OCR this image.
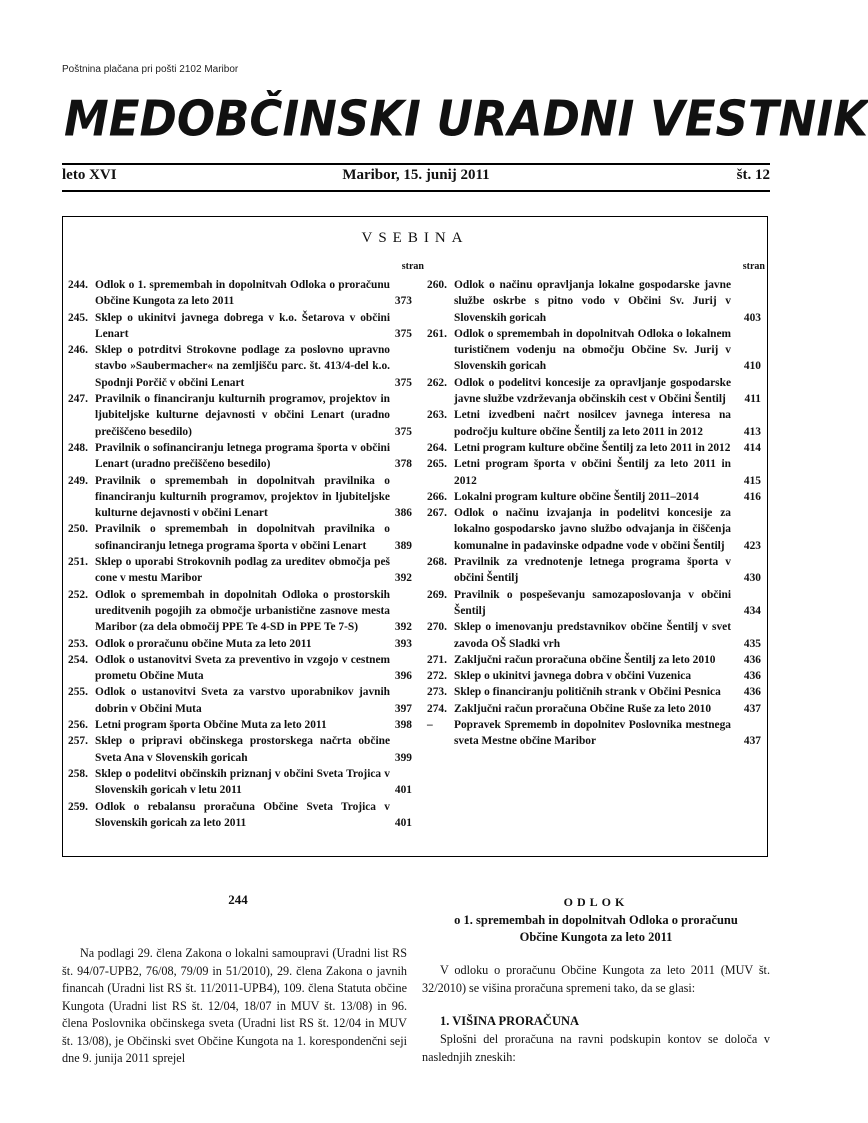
Poštnina plačana pri pošti 2102 Maribor
MEDOBČINSKI URADNI VESTNIK
leto XVI	Maribor, 15. junij 2011	št. 12
VSEBINA
stran
244. Odlok o 1. spremembah in dopolnitvah Odloka o proračunu Občine Kungota za leto 2011	373
245. Sklep o ukinitvi javnega dobrega v k.o. Šetarova v občini Lenart	375
246. Sklep o potrditvi Strokovne podlage za poslovno upravno stavbo »Saubermacher« na zemljišču parc. št. 413/4-del k.o. Spodnji Porčič v občini Lenart	375
247. Pravilnik o financiranju kulturnih programov, projektov in ljubiteljske kulturne dejavnosti v občini Lenart (uradno prečiščeno besedilo)	375
248. Pravilnik o sofinanciranju letnega programa športa v občini Lenart (uradno prečiščeno besedilo)	378
249. Pravilnik o spremembah in dopolnitvah pravilnika o financiranju kulturnih programov, projektov in ljubiteljske kulturne dejavnosti v občini Lenart	386
250. Pravilnik o spremembah in dopolnitvah pravilnika o sofinanciranju letnega programa športa v občini Lenart	389
251. Sklep o uporabi Strokovnih podlag za ureditev območja peš cone v mestu Maribor	392
252. Odlok o spremembah in dopolnitah Odloka o prostorskih ureditvenih pogojih za območje urbanistične zasnove mesta Maribor (za dela območij PPE Te 4-SD in PPE Te 7-S)	392
253. Odlok o proračunu občine Muta za leto 2011	393
254. Odlok o ustanovitvi Sveta za preventivo in vzgojo v cestnem prometu Občine Muta	396
255. Odlok o ustanovitvi Sveta za varstvo uporabnikov javnih dobrin v Občini Muta	397
256. Letni program športa Občine Muta za leto 2011	398
257. Sklep o pripravi občinskega prostorskega načrta občine Sveta Ana v Slovenskih goricah	399
258. Sklep o podelitvi občinskih priznanj v občini Sveta Trojica v Slovenskih goricah v letu 2011	401
259. Odlok o rebalansu proračuna Občine Sveta Trojica v Slovenskih goricah za leto 2011	401
stran
260. Odlok o načinu opravljanja lokalne gospodarske javne službe oskrbe s pitno vodo v Občini Sv. Jurij v Slovenskih goricah	403
261. Odlok o spremembah in dopolnitvah Odloka o lokalnem turističnem vodenju na območju Občine Sv. Jurij v Slovenskih goricah	410
262. Odlok o podelitvi koncesije za opravljanje gospodarske javne službe vzdrževanja občinskih cest v Občini Šentilj	411
263. Letni izvedbeni načrt nosilcev javnega interesa na področju kulture občine Šentilj za leto 2011 in 2012	413
264. Letni program kulture občine Šentilj za leto 2011 in 2012 414
265. Letni program športa v občini Šentilj za leto 2011 in 2012	415
266. Lokalni program kulture občine Šentilj 2011–2014	416
267. Odlok o načinu izvajanja in podelitvi koncesije za lokalno gospodarsko javno službo odvajanja in čiščenja komunalne in padavinske odpadne vode v občini Šentilj	423
268. Pravilnik za vrednotenje letnega programa športa v občini Šentilj	430
269. Pravilnik o pospeševanju samozaposlovanja v občini Šentilj	434
270. Sklep o imenovanju predstavnikov občine Šentilj v svet zavoda OŠ Sladki vrh	435
271. Zaključni račun proračuna občine Šentilj za leto 2010	436
272. Sklep o ukinitvi javnega dobra v občini Vuzenica	436
273. Sklep o financiranju političnih strank v Občini Pesnica	436
274. Zaključni račun proračuna Občine Ruše za leto 2010	437
–	Popravek Sprememb in dopolnitev Poslovnika mestnega sveta Mestne občine Maribor	437
244
Na podlagi 29. člena Zakona o lokalni samoupravi (Uradni list RS št. 94/07-UPB2, 76/08, 79/09 in 51/2010), 29. člena Zakona o javnih financah (Uradni list RS št. 11/2011-UPB4), 109. člena Statuta občine Kungota (Uradni list RS št. 12/04, 18/07 in MUV št. 13/08) in 96. člena Poslovnika občinskega sveta (Uradni list RS št. 12/04 in MUV št. 13/08), je Občinski svet Občine Kungota na 1. korespondenčni seji dne 9. junija 2011 sprejel
ODLOK
o 1. spremembah in dopolnitvah Odloka o proračunu
Občine Kungota za leto 2011
V odloku o proračunu Občine Kungota za leto 2011 (MUV št. 32/2010) se višina proračuna spremeni tako, da se glasi:
1. VIŠINA PRORAČUNA
Splošni del proračuna na ravni podskupin kontov se določa v naslednjih zneskih:
